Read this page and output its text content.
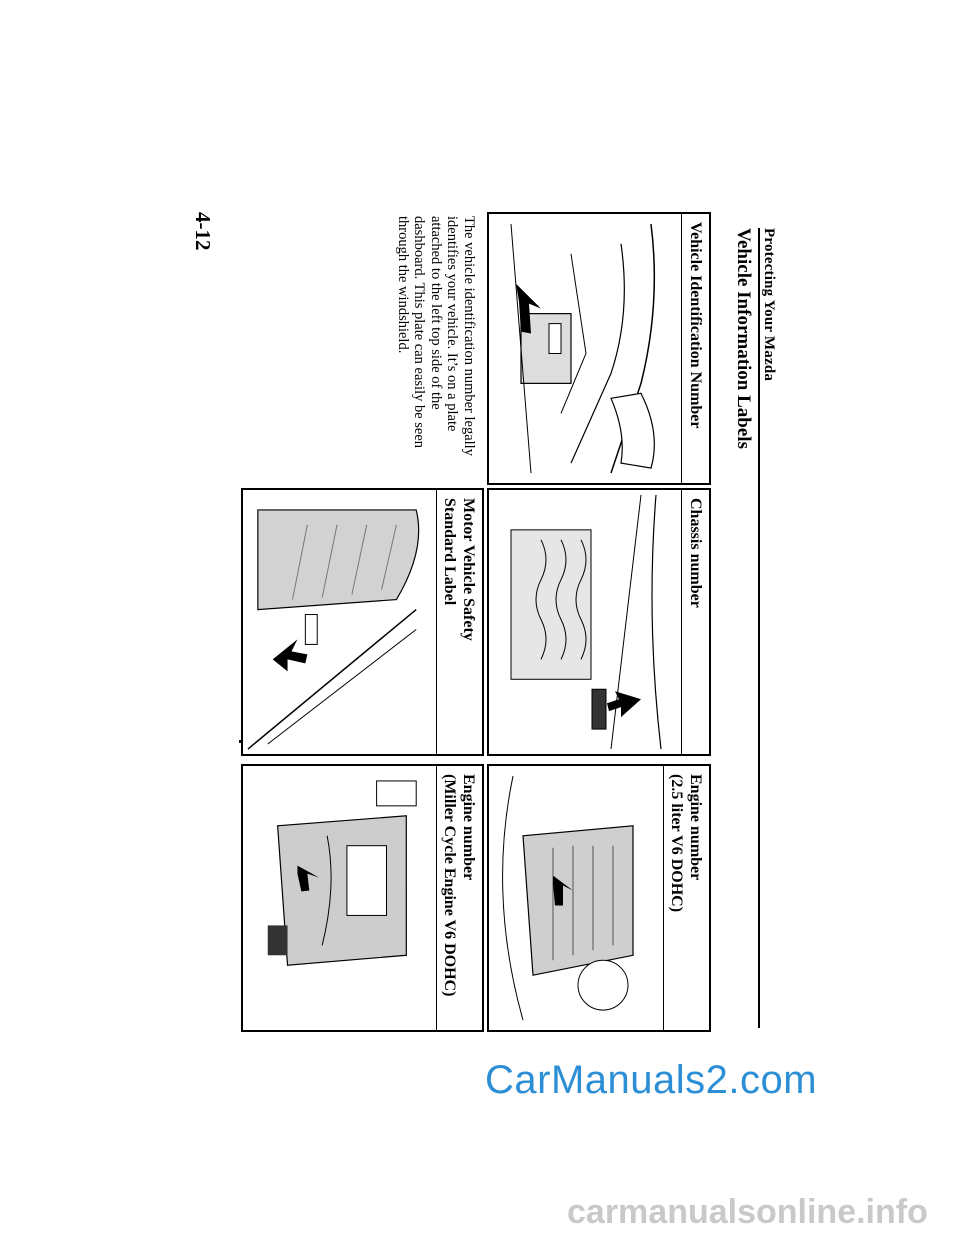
Protecting Your Mazda
Vehicle Information Labels
Vehicle Identification Number
Chassis number
Engine number
(2.5 liter V6 DOHC)
The vehicle identification number legally identifies your vehicle. It’s on a plate attached to the left top side of the dashboard. This plate can easily be seen through the windshield.
Motor Vehicle Safety
Standard Label
Engine number
(Miller Cycle Engine V6 DOHC)
4-12
CarManuals2.com
carmanualsonline.info
